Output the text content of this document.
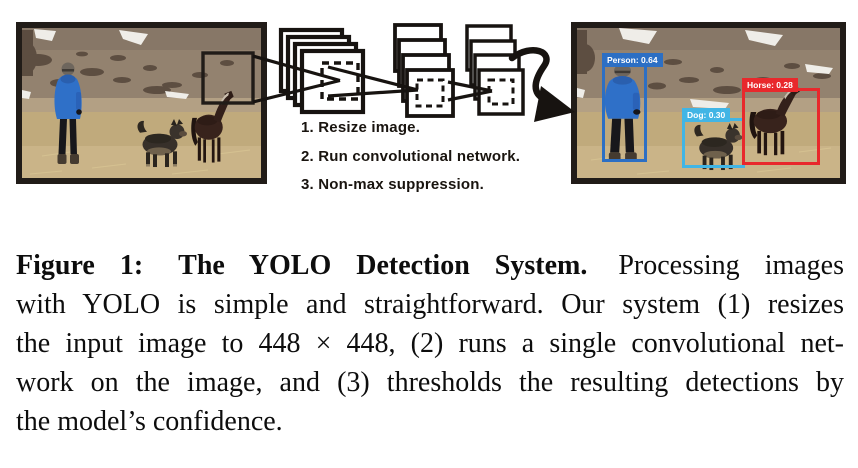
Person: 0.64
Dog: 0.30
Horse: 0.28
1. Resize image.
2. Run convolutional network.
3. Non-max suppression.
Figure 1: The YOLO Detection System. Processing images
with YOLO is simple and straightforward. Our system (1) resizes
the input image to 448 × 448, (2) runs a single convolutional net-
work on the image, and (3) thresholds the resulting detections by
the model’s confidence.
